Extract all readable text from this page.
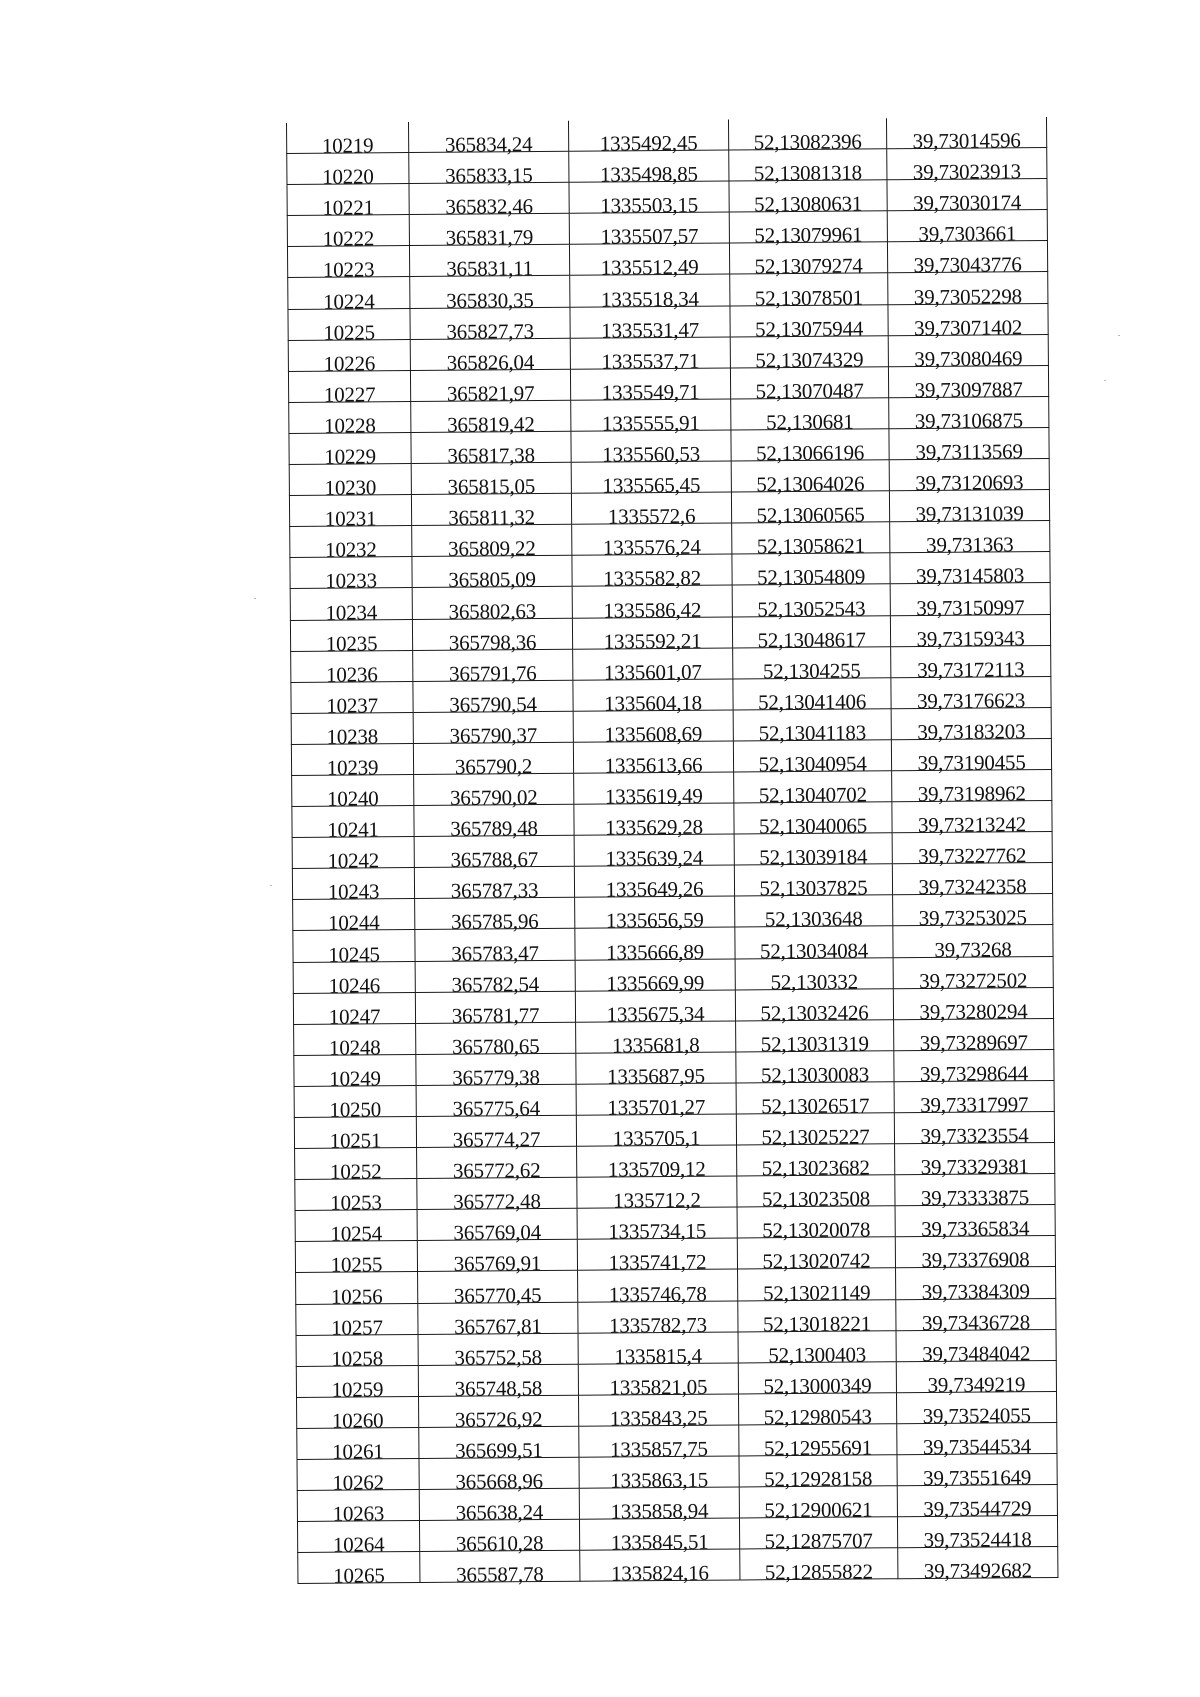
10219	365834,24	1335492,45	52,13082396	39,73014596
10220	365833,15	1335498,85	52,13081318	39,73023913
10221	365832,46	1335503,15	52,13080631	39,73030174
10222	365831,79	1335507,57	52,13079961	39,7303661
10223	365831,11	1335512,49	52,13079274	39,73043776
10224	365830,35	1335518,34	52,13078501	39,73052298
10225	365827,73	1335531,47	52,13075944	39,73071402
10226	365826,04	1335537,71	52,13074329	39,73080469
10227	365821,97	1335549,71	52,13070487	39,73097887
10228	365819,42	1335555,91	52,130681	39,73106875
10229	365817,38	1335560,53	52,13066196	39,73113569
10230	365815,05	1335565,45	52,13064026	39,73120693
10231	365811,32	1335572,6	52,13060565	39,73131039
10232	365809,22	1335576,24	52,13058621	39,731363
10233	365805,09	1335582,82	52,13054809	39,73145803
10234	365802,63	1335586,42	52,13052543	39,73150997
10235	365798,36	1335592,21	52,13048617	39,73159343
10236	365791,76	1335601,07	52,1304255	39,73172113
10237	365790,54	1335604,18	52,13041406	39,73176623
10238	365790,37	1335608,69	52,13041183	39,73183203
10239	365790,2	1335613,66	52,13040954	39,73190455
10240	365790,02	1335619,49	52,13040702	39,73198962
10241	365789,48	1335629,28	52,13040065	39,73213242
10242	365788,67	1335639,24	52,13039184	39,73227762
10243	365787,33	1335649,26	52,13037825	39,73242358
10244	365785,96	1335656,59	52,1303648	39,73253025
10245	365783,47	1335666,89	52,13034084	39,73268
10246	365782,54	1335669,99	52,130332	39,73272502
10247	365781,77	1335675,34	52,13032426	39,73280294
10248	365780,65	1335681,8	52,13031319	39,73289697
10249	365779,38	1335687,95	52,13030083	39,73298644
10250	365775,64	1335701,27	52,13026517	39,73317997
10251	365774,27	1335705,1	52,13025227	39,73323554
10252	365772,62	1335709,12	52,13023682	39,73329381
10253	365772,48	1335712,2	52,13023508	39,73333875
10254	365769,04	1335734,15	52,13020078	39,73365834
10255	365769,91	1335741,72	52,13020742	39,73376908
10256	365770,45	1335746,78	52,13021149	39,73384309
10257	365767,81	1335782,73	52,13018221	39,73436728
10258	365752,58	1335815,4	52,1300403	39,73484042
10259	365748,58	1335821,05	52,13000349	39,7349219
10260	365726,92	1335843,25	52,12980543	39,73524055
10261	365699,51	1335857,75	52,12955691	39,73544534
10262	365668,96	1335863,15	52,12928158	39,73551649
10263	365638,24	1335858,94	52,12900621	39,73544729
10264	365610,28	1335845,51	52,12875707	39,73524418
10265	365587,78	1335824,16	52,12855822	39,73492682
